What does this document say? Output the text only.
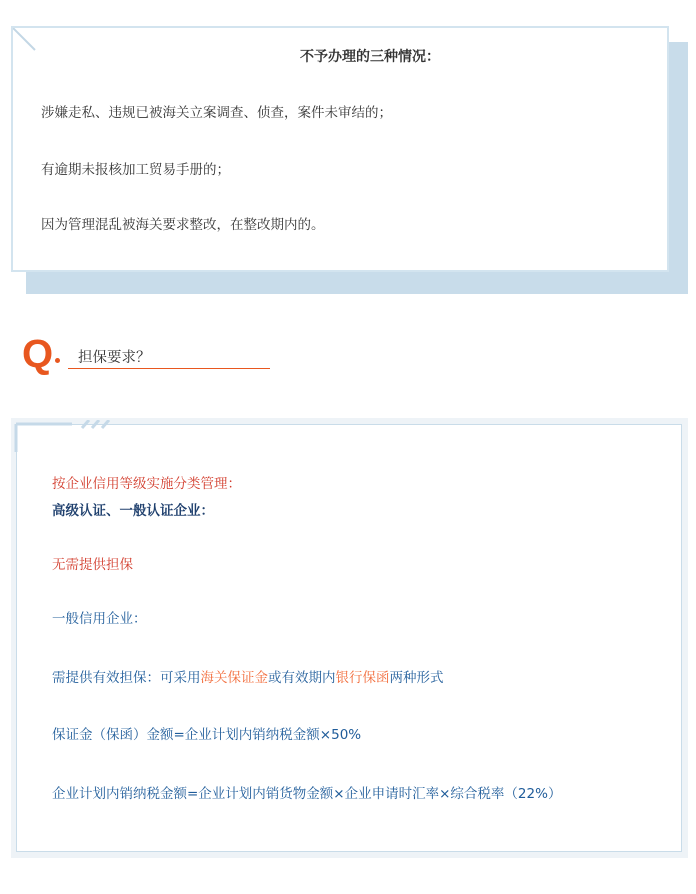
不予办理的三种情况：
涉嫌走私、违规已被海关立案调查、侦查，案件未审结的；
有逾期未报核加工贸易手册的；
因为管理混乱被海关要求整改，在整改期内的。
Q 担保要求？
按企业信用等级实施分类管理：
高级认证、一般认证企业：
无需提供担保
一般信用企业：
需提供有效担保：可采用海关保证金或有效期内银行保函两种形式
保证金（保函）金额=企业计划内销纳税金额×50%
企业计划内销纳税金额=企业计划内销货物金额×企业申请时汇率×综合税率（22%）
